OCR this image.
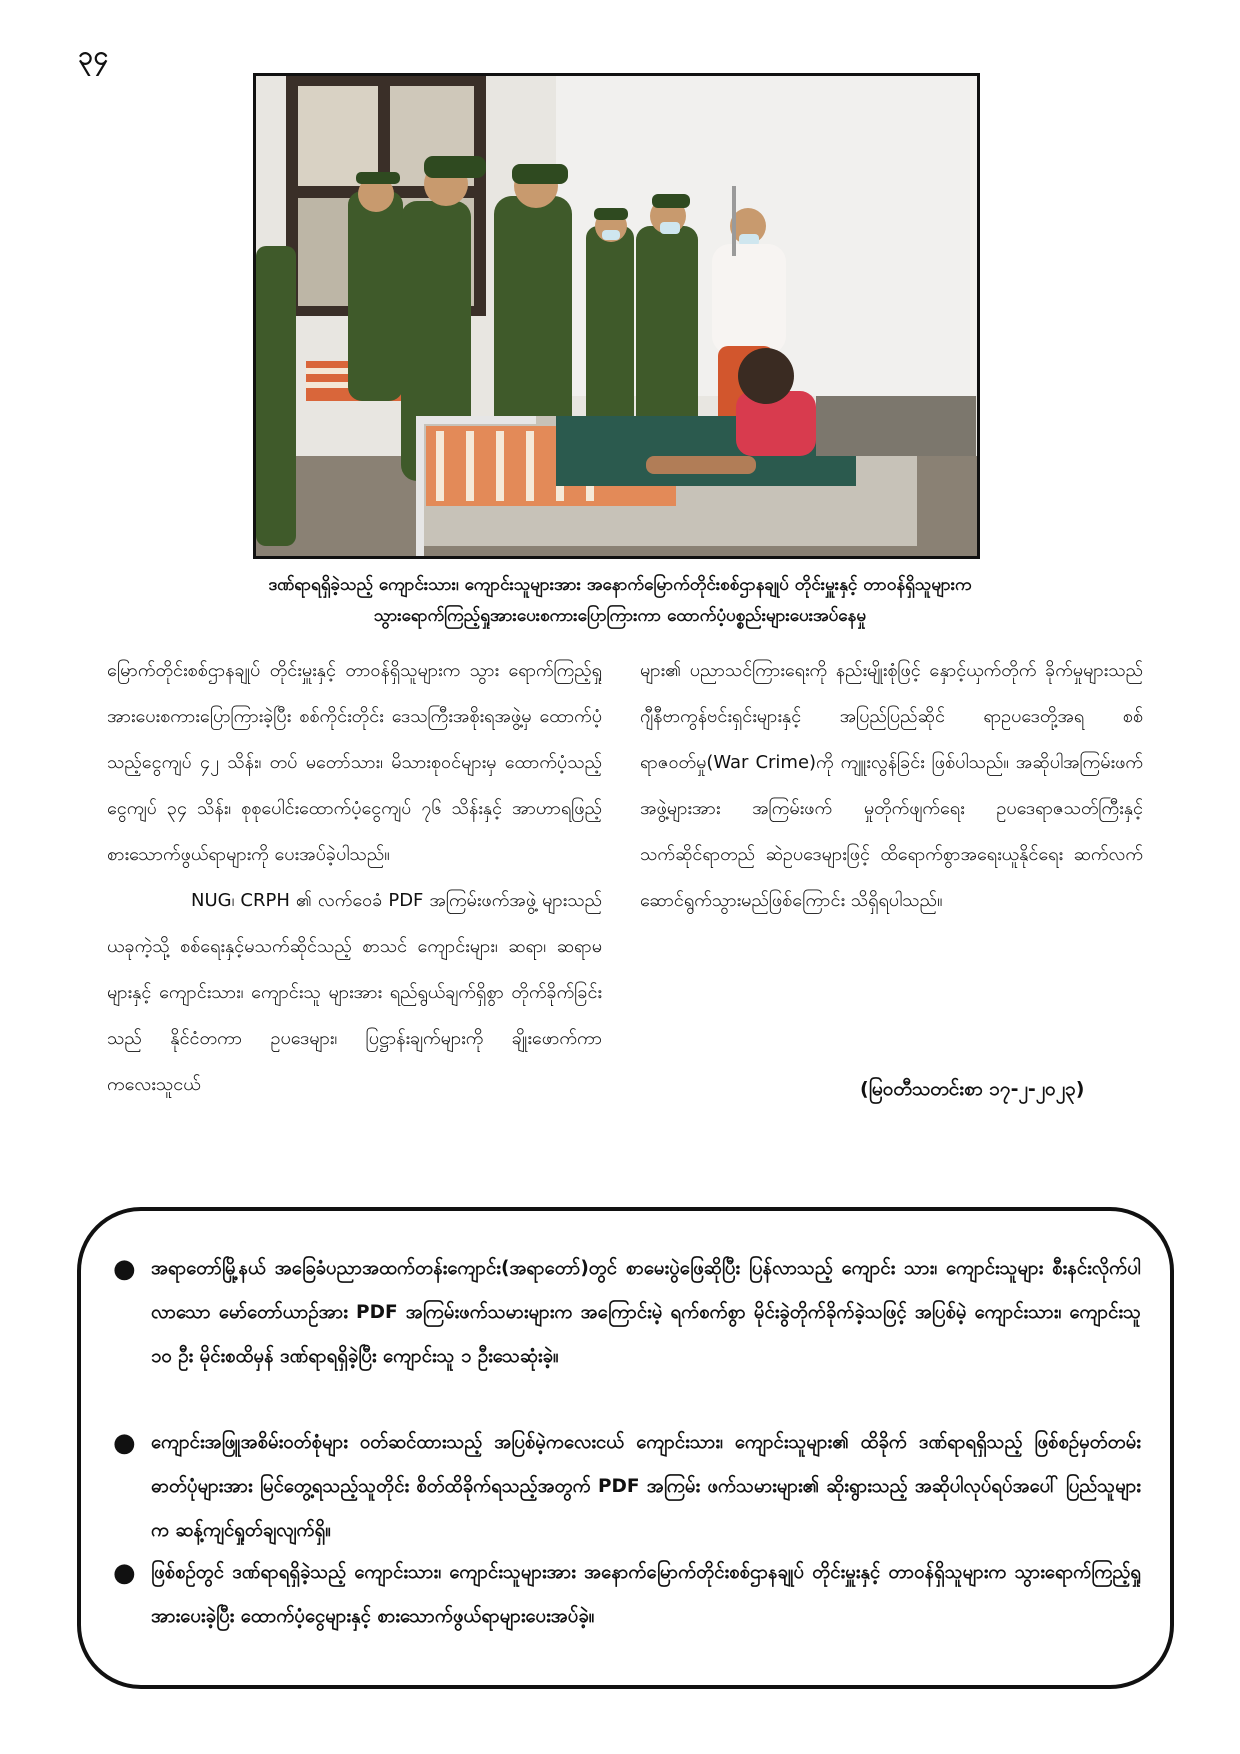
၃၄
ဒဏ်ရာရရှိခဲ့သည့် ကျောင်းသား၊ ကျောင်းသူများအား အနောက်မြောက်တိုင်းစစ်ဌာနချုပ် တိုင်းမှူးနှင့် တာဝန်ရှိသူများက
သွားရောက်ကြည့်ရှုအားပေးစကားပြောကြားကာ ထောက်ပံ့ပစ္စည်းများပေးအပ်နေမှု

မြောက်တိုင်းစစ်ဌာနချုပ် တိုင်းမှူးနှင့် တာဝန်ရှိသူများက သွား ရောက်ကြည့်ရှုအားပေးစကားပြောကြားခဲ့ပြီး စစ်ကိုင်းတိုင်း ဒေသကြီးအစိုးရအဖွဲ့မှ ထောက်ပံ့သည့်ငွေကျပ် ၄၂ သိန်း၊ တပ် မတော်သား၊ မိသားစုဝင်များမှ ထောက်ပံ့သည့် ငွေကျပ် ၃၄ သိန်း၊ စုစုပေါင်းထောက်ပံ့ငွေကျပ် ၇၆ သိန်းနှင့် အာဟာရဖြည့် စားသောက်ဖွယ်ရာများကို ပေးအပ်ခဲ့ပါသည်။

NUG၊ CRPH ၏ လက်ဝေခံ PDF အကြမ်းဖက်အဖွဲ့ များသည် ယခုကဲ့သို့ စစ်ရေးနှင့်မသက်ဆိုင်သည့် စာသင် ကျောင်းများ၊ ဆရာ၊ ဆရာမများနှင့် ကျောင်းသား၊ ကျောင်းသူ များအား ရည်ရွယ်ချက်ရှိစွာ တိုက်ခိုက်ခြင်းသည် နိုင်ငံတကာ ဥပဒေများ၊ ပြဋ္ဌာန်းချက်များကို ချိုးဖောက်ကာ ကလေးသူငယ်

များ၏ ပညာသင်ကြားရေးကို နည်းမျိုးစုံဖြင့် နှောင့်ယှက်တိုက် ခိုက်မှုများသည် ဂျီနီဗာကွန်ဗင်းရှင်းများနှင့် အပြည်ပြည်ဆိုင် ရာဥပဒေတို့အရ စစ်ရာဇဝတ်မှု(War Crime)ကို ကျူးလွန်ခြင်း ဖြစ်ပါသည်။ အဆိုပါအကြမ်းဖက်အဖွဲ့များအား အကြမ်းဖက် မှုတိုက်ဖျက်ရေး ဥပဒေရာဇသတ်ကြီးနှင့် သက်ဆိုင်ရာတည် ဆဲဥပဒေများဖြင့် ထိရောက်စွာအရေးယူနိုင်ရေး ဆက်လက် ဆောင်ရွက်သွားမည်ဖြစ်ကြောင်း သိရှိရပါသည်။

(မြဝတီသတင်းစာ ၁၇-၂-၂၀၂၃)
● အရာတော်မြို့နယ် အခြေခံပညာအထက်တန်းကျောင်း(အရာတော်)တွင် စာမေးပွဲဖြေဆိုပြီး ပြန်လာသည့် ကျောင်း သား၊ ကျောင်းသူများ စီးနင်းလိုက်ပါလာသော မော်တော်ယာဉ်အား PDF အကြမ်းဖက်သမားများက အကြောင်းမဲ့ ရက်စက်စွာ မိုင်းခွဲတိုက်ခိုက်ခဲ့သဖြင့် အပြစ်မဲ့ ကျောင်းသား၊ ကျောင်းသူ ၁၀ ဦး မိုင်းစထိမှန် ဒဏ်ရာရရှိခဲ့ပြီး ကျောင်းသူ ၁ ဦးသေဆုံးခဲ့။
● ကျောင်းအဖြူအစိမ်းဝတ်စုံများ ဝတ်ဆင်ထားသည့် အပြစ်မဲ့ကလေးငယ် ကျောင်းသား၊ ကျောင်းသူများ၏ ထိခိုက် ဒဏ်ရာရရှိသည့် ဖြစ်စဉ်မှတ်တမ်းဓာတ်ပုံများအား မြင်တွေ့ရသည့်သူတိုင်း စိတ်ထိခိုက်ရသည့်အတွက် PDF အကြမ်း ဖက်သမားများ၏ ဆိုးရွားသည့် အဆိုပါလုပ်ရပ်အပေါ် ပြည်သူများက ဆန့်ကျင်ရှုတ်ချလျက်ရှိ။
● ဖြစ်စဉ်တွင် ဒဏ်ရာရရှိခဲ့သည့် ကျောင်းသား၊ ကျောင်းသူများအား အနောက်မြောက်တိုင်းစစ်ဌာနချုပ် တိုင်းမှူးနှင့် တာဝန်ရှိသူများက သွားရောက်ကြည့်ရှုအားပေးခဲ့ပြီး ထောက်ပံ့ငွေများနှင့် စားသောက်ဖွယ်ရာများပေးအပ်ခဲ့။
